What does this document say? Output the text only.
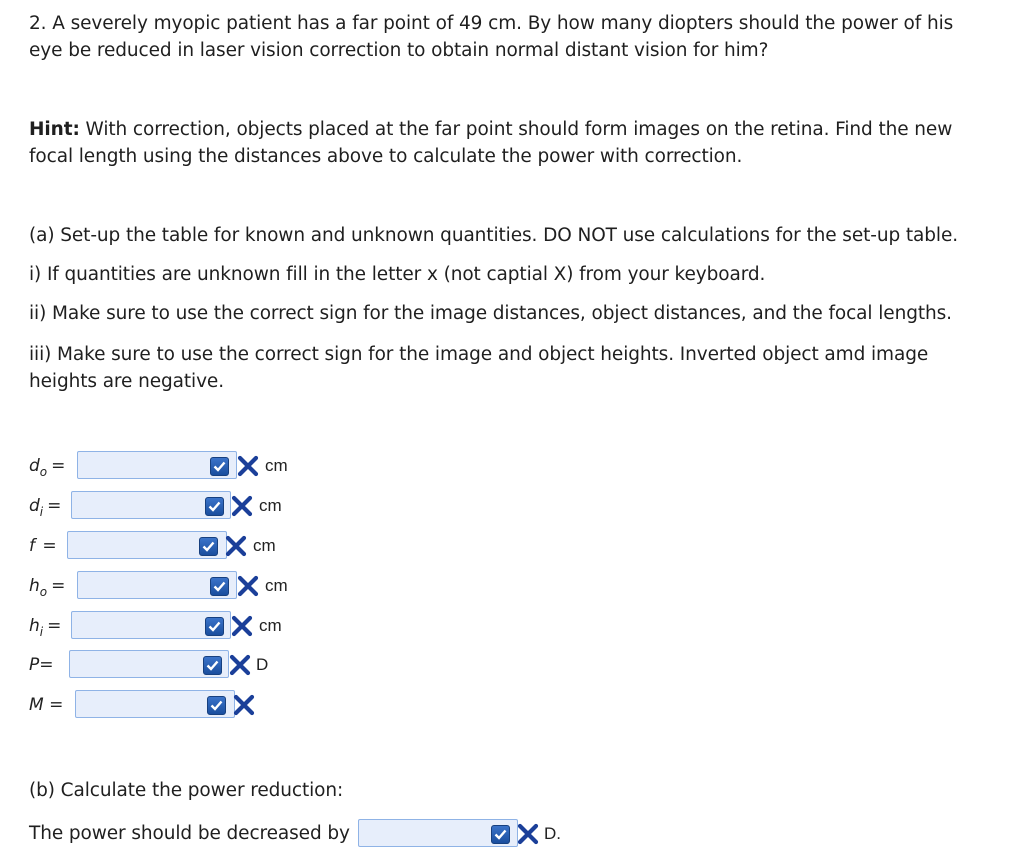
2. A severely myopic patient has a far point of 49 cm. By how many diopters should the power of his
eye be reduced in laser vision correction to obtain normal distant vision for him?

Hint: With correction, objects placed at the far point should form images on the retina. Find the new
focal length using the distances above to calculate the power with correction.

(a) Set-up the table for known and unknown quantities. DO NOT use calculations for the set-up table.

i) If quantities are unknown fill in the letter x (not captial X) from your keyboard.

ii) Make sure to use the correct sign for the image distances, object distances, and the focal lengths.

iii) Make sure to use the correct sign for the image and object heights. Inverted object amd image
heights are negative.

$d_o$ =	cm
$d_i$ =	cm
f =	cm
$h_o$ =	cm
$h_i$ =	cm
P=	D
M =

(b) Calculate the power reduction:

The power should be decreased by	D.
